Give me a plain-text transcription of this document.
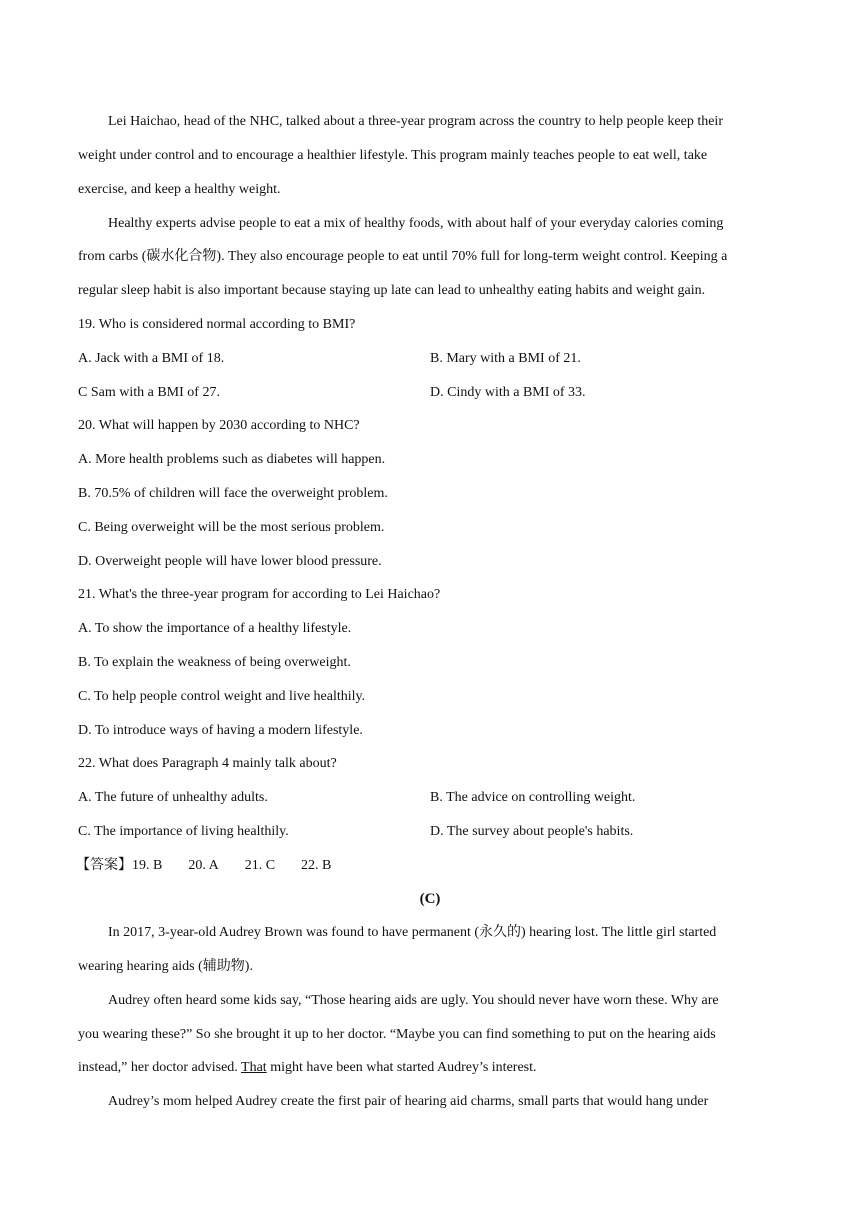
Lei Haichao, head of the NHC, talked about a three-year program across the country to help people keep their
weight under control and to encourage a healthier lifestyle. This program mainly teaches people to eat well, take
exercise, and keep a healthy weight.
Healthy experts advise people to eat a mix of healthy foods, with about half of your everyday calories coming
from carbs (碳水化合物). They also encourage people to eat until 70% full for long-term weight control. Keeping a
regular sleep habit is also important because staying up late can lead to unhealthy eating habits and weight gain.
19. Who is considered normal according to BMI?
A. Jack with a BMI of 18.	B. Mary with a BMI of 21.
C Sam with a BMI of 27.	D. Cindy with a BMI of 33.
20. What will happen by 2030 according to NHC?
A. More health problems such as diabetes will happen.
B. 70.5% of children will face the overweight problem.
C. Being overweight will be the most serious problem.
D. Overweight people will have lower blood pressure.
21. What's the three-year program for according to Lei Haichao?
A. To show the importance of a healthy lifestyle.
B. To explain the weakness of being overweight.
C. To help people control weight and live healthily.
D. To introduce ways of having a modern lifestyle.
22. What does Paragraph 4 mainly talk about?
A. The future of unhealthy adults.	B. The advice on controlling weight.
C. The importance of living healthily.	D. The survey about people's habits.
【答案】19. B 20. A 21. C 22. B
(C)
In 2017, 3-year-old Audrey Brown was found to have permanent (永久的) hearing lost. The little girl started
wearing hearing aids (辅助物).
Audrey often heard some kids say, “Those hearing aids are ugly. You should never have worn these. Why are
you wearing these?” So she brought it up to her doctor. “Maybe you can find something to put on the hearing aids
instead,” her doctor advised. That might have been what started Audrey’s interest.
Audrey’s mom helped Audrey create the first pair of hearing aid charms, small parts that would hang under
